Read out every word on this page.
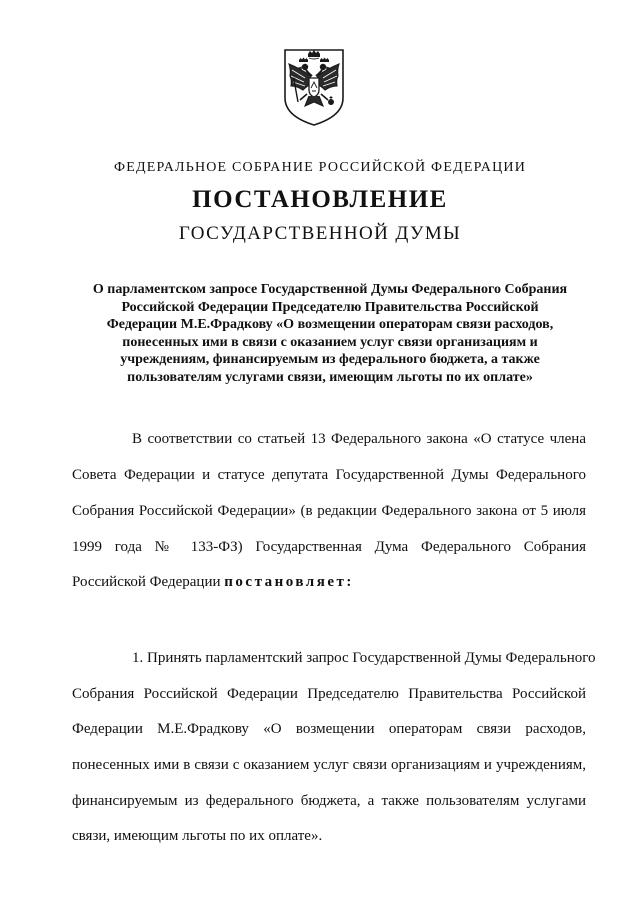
ФЕДЕРАЛЬНОЕ СОБРАНИЕ РОССИЙСКОЙ ФЕДЕРАЦИИ
ПОСТАНОВЛЕНИЕ
ГОСУДАРСТВЕННОЙ ДУМЫ
О парламентском запросе Государственной Думы Федерального Собрания
Российской Федерации Председателю Правительства Российской
Федерации М.Е.Фрадкову «О возмещении операторам связи расходов,
понесенных ими в связи с оказанием услуг связи организациям и
учреждениям, финансируемым из федерального бюджета, а также
пользователям услугами связи, имеющим льготы по их оплате»
В соответствии со статьей 13 Федерального закона «О статусе члена
Совета Федерации и статусе депутата Государственной Думы Федерального
Собрания Российской Федерации» (в редакции Федерального закона от 5 июля
1999 года № 133-ФЗ) Государственная Дума Федерального Собрания
Российской Федерации постановляет:
1. Принять парламентский запрос Государственной Думы Федерального
Собрания Российской Федерации Председателю Правительства Российской
Федерации М.Е.Фрадкову «О возмещении операторам связи расходов,
понесенных ими в связи с оказанием услуг связи организациям и учреждениям,
финансируемым из федерального бюджета, а также пользователям услугами
связи, имеющим льготы по их оплате».
